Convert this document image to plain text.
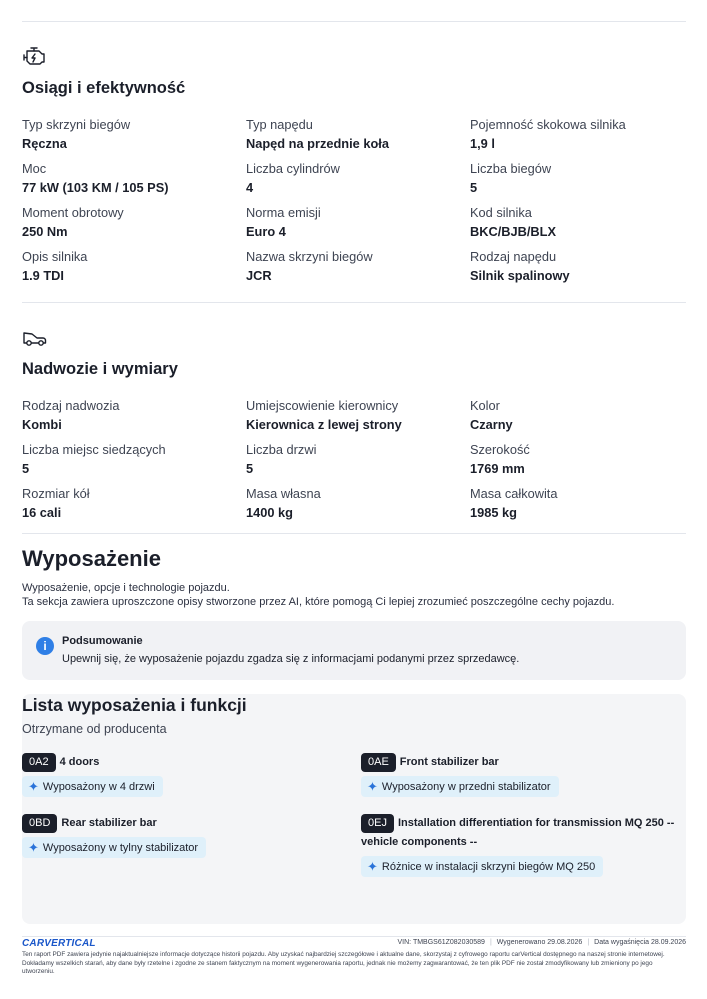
Osiągi i efektywność
Typ skrzyni biegów
Ręczna
Typ napędu
Napęd na przednie koła
Pojemność skokowa silnika
1,9 l
Moc
77 kW (103 KM / 105 PS)
Liczba cylindrów
4
Liczba biegów
5
Moment obrotowy
250 Nm
Norma emisji
Euro 4
Kod silnika
BKC/BJB/BLX
Opis silnika
1.9 TDI
Nazwa skrzyni biegów
JCR
Rodzaj napędu
Silnik spalinowy
Nadwozie i wymiary
Rodzaj nadwozia
Kombi
Umiejscowienie kierownicy
Kierownica z lewej strony
Kolor
Czarny
Liczba miejsc siedzących
5
Liczba drzwi
5
Szerokość
1769 mm
Rozmiar kół
16 cali
Masa własna
1400 kg
Masa całkowita
1985 kg
Wyposażenie
Wyposażenie, opcje i technologie pojazdu.
Ta sekcja zawiera uproszczone opisy stworzone przez AI, które pomogą Ci lepiej zrozumieć poszczególne cechy pojazdu.
i	Podsumowanie
Upewnij się, że wyposażenie pojazdu zgadza się z informacjami podanymi przez sprzedawcę.
Lista wyposażenia i funkcji
Otrzymane od producenta
0A2	4 doors
✦ Wyposażony w 4 drzwi
0AE	Front stabilizer bar
✦ Wyposażony w przedni stabilizator
0BD	Rear stabilizer bar
✦ Wyposażony w tylny stabilizator
0EJ	Installation differentiation for transmission MQ 250 --
vehicle components --
✦ Różnice w instalacji skrzyni biegów MQ 250
CARVERTICAL	VIN: TMBGS61Z082030589 | Wygenerowano 29.08.2026 | Data wygaśnięcia 28.09.2026
Ten raport PDF zawiera jedynie najaktualniejsze informacje dotyczące historii pojazdu. Aby uzyskać najbardziej szczegółowe i aktualne dane, skorzystaj z cyfrowego raportu carVertical dostępnego na naszej stronie internetowej. Dokładamy wszelkich starań, aby dane były rzetelne i zgodne ze stanem faktycznym na moment wygenerowania raportu, jednak nie możemy zagwarantować, że ten plik PDF nie został zmodyfikowany lub zmieniony po jego utworzeniu.
